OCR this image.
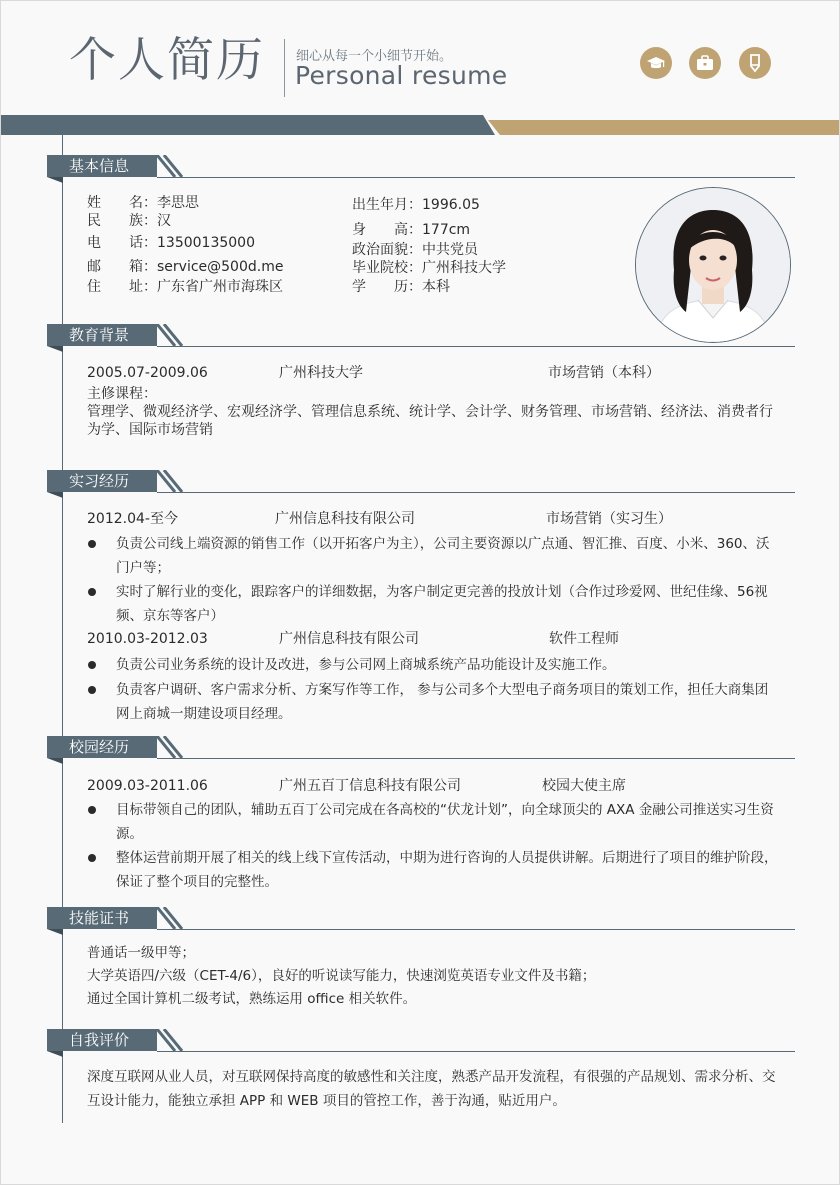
个人简历 细心从每一个小细节开始。
Personal resume
基本信息
姓　　名：李思思
民　　族：汉
电　　话：13500135000
邮　　箱：service@500d.me
住　　址：广东省广州市海珠区
出生年月：1996.05
身　　高：177cm
政治面貌：中共党员
毕业院校：广州科技大学
学　　历：本科
教育背景
2005.07-2009.06	广州科技大学	市场营销（本科）
主修课程：
管理学、微观经济学、宏观经济学、管理信息系统、统计学、会计学、财务管理、市场营销、经济法、消费者行为学、国际市场营销
实习经历
2012.04-至今	广州信息科技有限公司	市场营销（实习生）
负责公司线上端资源的销售工作（以开拓客户为主），公司主要资源以广点通、智汇推、百度、小米、360、沃门户等；
实时了解行业的变化，跟踪客户的详细数据，为客户制定更完善的投放计划（合作过珍爱网、世纪佳缘、56视频、京东等客户）
2010.03-2012.03	广州信息科技有限公司	软件工程师
负责公司业务系统的设计及改进，参与公司网上商城系统产品功能设计及实施工作。
负责客户调研、客户需求分析、方案写作等工作， 参与公司多个大型电子商务项目的策划工作，担任大商集团网上商城一期建设项目经理。
校园经历
2009.03-2011.06	广州五百丁信息科技有限公司	校园大使主席
目标带领自己的团队，辅助五百丁公司完成在各高校的“伏龙计划”，向全球顶尖的 AXA 金融公司推送实习生资源。
整体运营前期开展了相关的线上线下宣传活动，中期为进行咨询的人员提供讲解。后期进行了项目的维护阶段，保证了整个项目的完整性。
技能证书
普通话一级甲等；
大学英语四/六级（CET-4/6），良好的听说读写能力，快速浏览英语专业文件及书籍；
通过全国计算机二级考试，熟练运用 office 相关软件。
自我评价
深度互联网从业人员，对互联网保持高度的敏感性和关注度，熟悉产品开发流程，有很强的产品规划、需求分析、交互设计能力，能独立承担 APP 和 WEB 项目的管控工作，善于沟通，贴近用户。
